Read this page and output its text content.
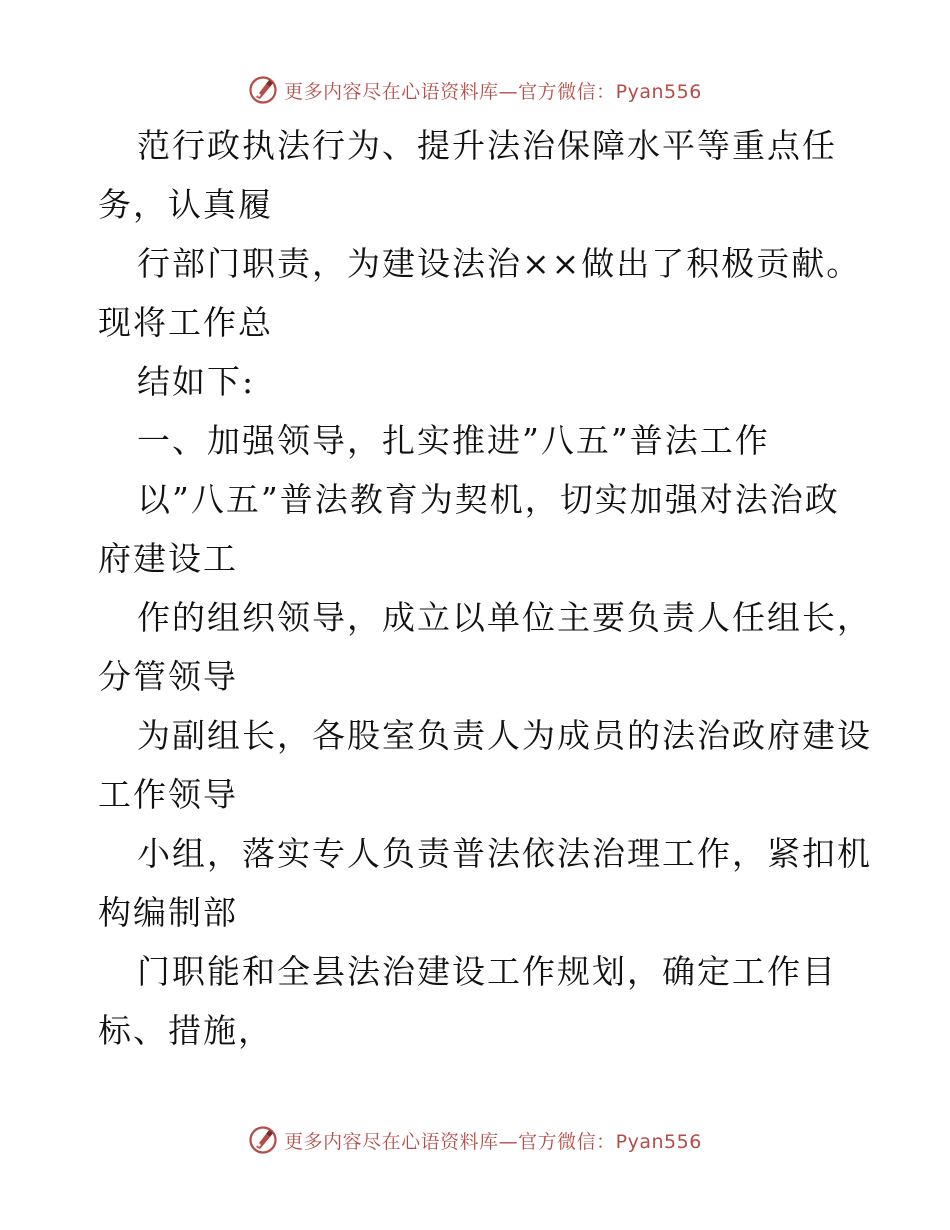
更多内容尽在心语资料库—官方微信：Pyan556
范行政执法行为、提升法治保障水平等重点任
务，认真履
行部门职责，为建设法治××做出了积极贡献。
现将工作总
结如下:
一、加强领导，扎实推进”八五”普法工作
以”八五”普法教育为契机，切实加强对法治政
府建设工
作的组织领导，成立以单位主要负责人任组长，
分管领导
为副组长，各股室负责人为成员的法治政府建设
工作领导
小组，落实专人负责普法依法治理工作，紧扣机
构编制部
门职能和全县法治建设工作规划，确定工作目
标、措施，
更多内容尽在心语资料库—官方微信：Pyan556
